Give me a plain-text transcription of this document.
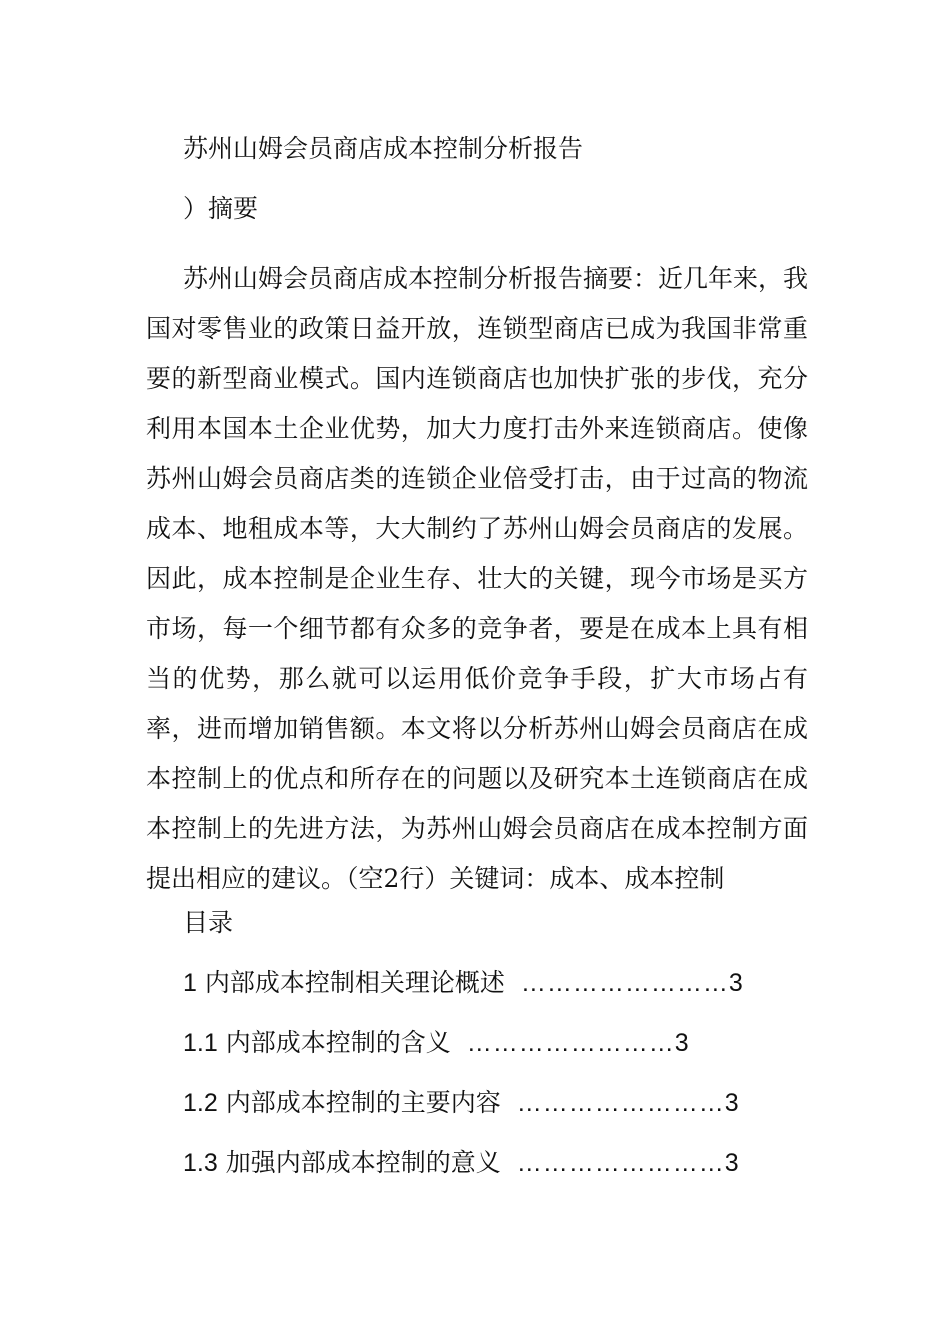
苏州山姆会员商店成本控制分析报告
）摘要

苏州山姆会员商店成本控制分析报告摘要：近几年来，我国对零售业的政策日益开放，连锁型商店已成为我国非常重要的新型商业模式。国内连锁商店也加快扩张的步伐，充分利用本国本土企业优势，加大力度打击外来连锁商店。使像苏州山姆会员商店类的连锁企业倍受打击，由于过高的物流成本、地租成本等，大大制约了苏州山姆会员商店的发展。因此，成本控制是企业生存、壮大的关键，现今市场是买方市场，每一个细节都有众多的竞争者，要是在成本上具有相当的优势，那么就可以运用低价竞争手段，扩大市场占有率，进而增加销售额。本文将以分析苏州山姆会员商店在成本控制上的优点和所存在的问题以及研究本土连锁商店在成本控制上的先进方法，为苏州山姆会员商店在成本控制方面提出相应的建议。（空2行）关键词：成本、成本控制

目录
1 内部成本控制相关理论概述 ……………………3
1.1 内部成本控制的含义 ……………………3
1.2 内部成本控制的主要内容 ……………………3
1.3 加强内部成本控制的意义 ……………………3
